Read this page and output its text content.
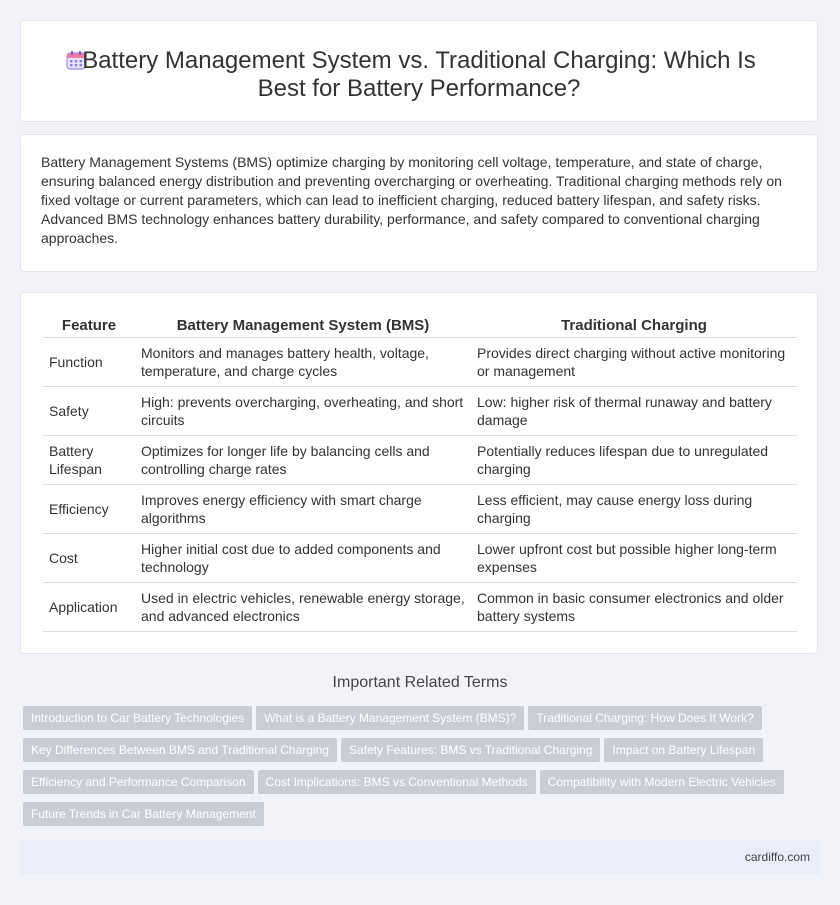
Battery Management System vs. Traditional Charging: Which Is Best for Battery Performance?

Battery Management Systems (BMS) optimize charging by monitoring cell voltage, temperature, and state of charge, ensuring balanced energy distribution and preventing overcharging or overheating. Traditional charging methods rely on fixed voltage or current parameters, which can lead to inefficient charging, reduced battery lifespan, and safety risks. Advanced BMS technology enhances battery durability, performance, and safety compared to conventional charging approaches.

Feature	Battery Management System (BMS)	Traditional Charging
Function	Monitors and manages battery health, voltage, temperature, and charge cycles	Provides direct charging without active monitoring or management
Safety	High: prevents overcharging, overheating, and short circuits	Low: higher risk of thermal runaway and battery damage
Battery Lifespan	Optimizes for longer life by balancing cells and controlling charge rates	Potentially reduces lifespan due to unregulated charging
Efficiency	Improves energy efficiency with smart charge algorithms	Less efficient, may cause energy loss during charging
Cost	Higher initial cost due to added components and technology	Lower upfront cost but possible higher long-term expenses
Application	Used in electric vehicles, renewable energy storage, and advanced electronics	Common in basic consumer electronics and older battery systems
Important Related Terms
Introduction to Car Battery Technologies What is a Battery Management System (BMS)? Traditional Charging: How Does It Work?
Key Differences Between BMS and Traditional Charging Safety Features: BMS vs Traditional Charging Impact on Battery Lifespan
Efficiency and Performance Comparison Cost Implications: BMS vs Conventional Methods Compatibility with Modern Electric Vehicles
Future Trends in Car Battery Management
cardiffo.com
